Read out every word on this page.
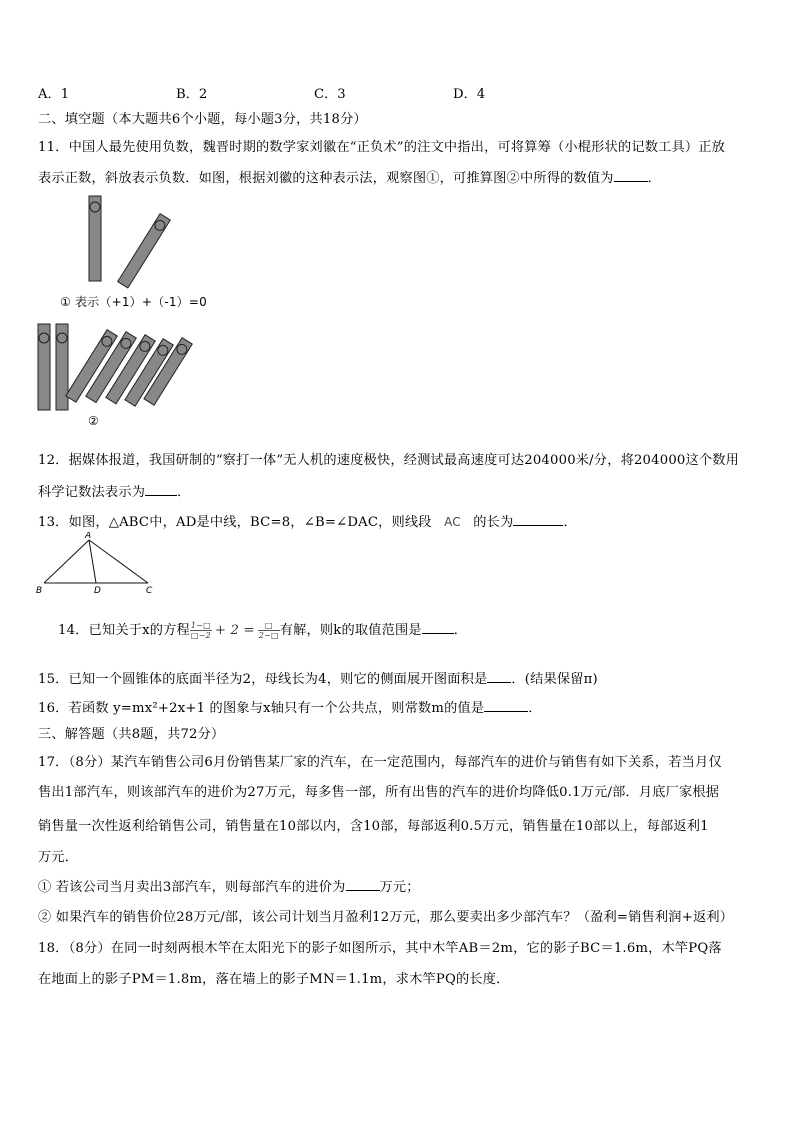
A．1	B．2	C．3	D．4
二、填空题（本大题共6个小题，每小题3分，共18分）
11．中国人最先使用负数，魏晋时期的数学家刘徽在“正负术”的注文中指出，可将算筹（小棍形状的记数工具）正放
表示正数，斜放表示负数．如图，根据刘徽的这种表示法，观察图①，可推算图②中所得的数值为	．
① 表示（+1）+（-1）=0
②
12．据媒体报道，我国研制的“察打一体”无人机的速度极快，经测试最高速度可达204000米/分，将204000这个数用
科学记数法表示为 ．
13．如图，△ABC中，AD是中线，BC=8，∠B=∠DAC，则线段 AC 的长为	．
A
B	D	C
14．已知关于x的方程 $\frac{1-□}{□-2} + 2 = \frac{□}{2-□}$ 有解，则k的取值范围是 ．
15．已知一个圆锥体的底面半径为2，母线长为4，则它的侧面展开图面积是 ．(结果保留π)
16．若函数 y=mx²+2x+1 的图象与x轴只有一个公共点，则常数m的值是	．
三、解答题（共8题，共72分）
17．（8分）某汽车销售公司6月份销售某厂家的汽车，在一定范围内，每部汽车的进价与销售有如下关系，若当月仅
售出1部汽车，则该部汽车的进价为27万元，每多售一部，所有出售的汽车的进价均降低0.1万元/部．月底厂家根据
销售量一次性返利给销售公司，销售量在10部以内，含10部，每部返利0.5万元，销售量在10部以上，每部返利1
万元．
① 若该公司当月卖出3部汽车，则每部汽车的进价为	万元；
② 如果汽车的销售价位28万元/部，该公司计划当月盈利12万元，那么要卖出多少部汽车？（盈利=销售利润+返利）
18．（8分）在同一时刻两根木竿在太阳光下的影子如图所示，其中木竿AB＝2m，它的影子BC＝1.6m，木竿PQ落
在地面上的影子PM＝1.8m，落在墙上的影子MN＝1.1m，求木竿PQ的长度．
